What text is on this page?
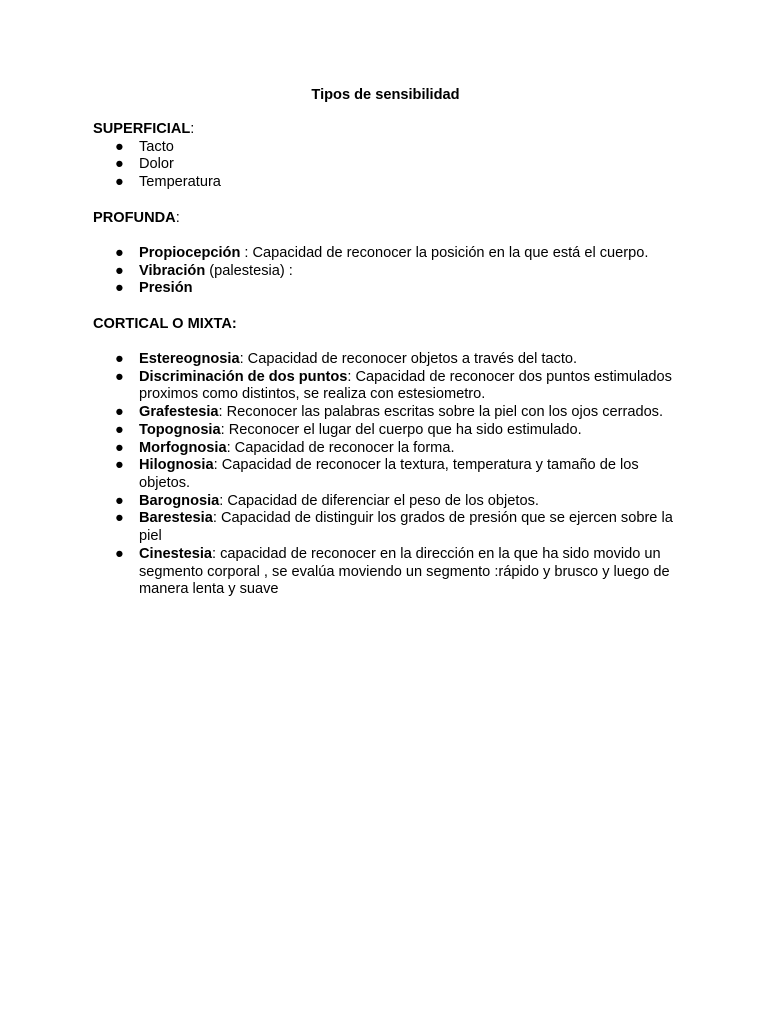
Tipos de sensibilidad

SUPERFICIAL:

● Tacto
● Dolor
● Temperatura

PROFUNDA:

● Propiocepción : Capacidad de reconocer la posición en la que está el cuerpo.
● Vibración (palestesia) :
● Presión

CORTICAL O MIXTA:

● Estereognosia: Capacidad de reconocer objetos a través del tacto.
● Discriminación de dos puntos: Capacidad de reconocer dos puntos estimulados proximos como distintos, se realiza con estesiometro.
● Grafestesia: Reconocer las palabras escritas sobre la piel con los ojos cerrados.
● Topognosia: Reconocer el lugar del cuerpo que ha sido estimulado.
● Morfognosia: Capacidad de reconocer la forma.
● Hilognosia: Capacidad de reconocer la textura, temperatura y tamaño de los objetos.
● Barognosia: Capacidad de diferenciar el peso de los objetos.
● Barestesia: Capacidad de distinguir los grados de presión que se ejercen sobre la piel
● Cinestesia: capacidad de reconocer en la dirección en la que ha sido movido un segmento corporal , se evalúa moviendo un segmento :rápido y brusco y luego de manera lenta y suave
